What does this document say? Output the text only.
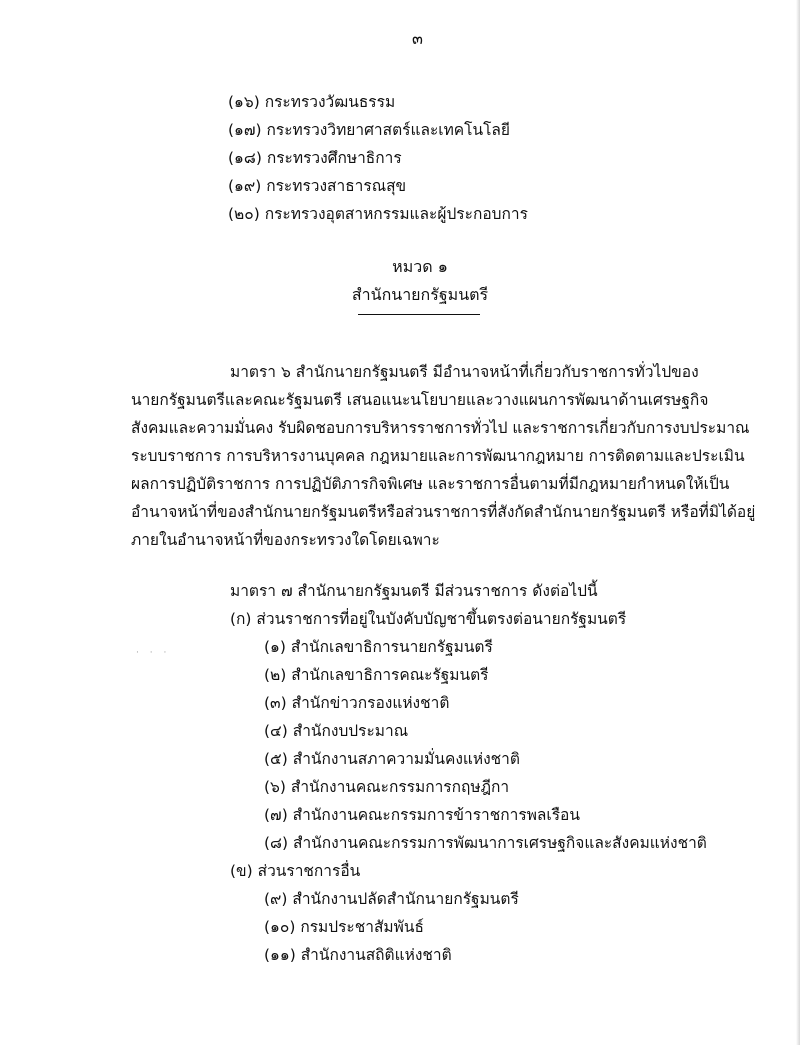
๓
(๑๖) กระทรวงวัฒนธรรม
(๑๗) กระทรวงวิทยาศาสตร์และเทคโนโลยี
(๑๘) กระทรวงศึกษาธิการ
(๑๙) กระทรวงสาธารณสุข
(๒๐) กระทรวงอุตสาหกรรมและผู้ประกอบการ
หมวด ๑
สำนักนายกรัฐมนตรี
มาตรา ๖ สำนักนายกรัฐมนตรี มีอำนาจหน้าที่เกี่ยวกับราชการทั่วไปของ
นายกรัฐมนตรีและคณะรัฐมนตรี เสนอแนะนโยบายและวางแผนการพัฒนาด้านเศรษฐกิจ
สังคมและความมั่นคง รับผิดชอบการบริหารราชการทั่วไป และราชการเกี่ยวกับการงบประมาณ
ระบบราชการ การบริหารงานบุคคล กฎหมายและการพัฒนากฎหมาย การติดตามและประเมิน
ผลการปฏิบัติราชการ การปฏิบัติภารกิจพิเศษ และราชการอื่นตามที่มีกฎหมายกำหนดให้เป็น
อำนาจหน้าที่ของสำนักนายกรัฐมนตรีหรือส่วนราชการที่สังกัดสำนักนายกรัฐมนตรี หรือที่มิได้อยู่
ภายในอำนาจหน้าที่ของกระทรวงใดโดยเฉพาะ
มาตรา ๗ สำนักนายกรัฐมนตรี มีส่วนราชการ ดังต่อไปนี้
(ก) ส่วนราชการที่อยู่ในบังคับบัญชาขึ้นตรงต่อนายกรัฐมนตรี
(๑) สำนักเลขาธิการนายกรัฐมนตรี
(๒) สำนักเลขาธิการคณะรัฐมนตรี
(๓) สำนักข่าวกรองแห่งชาติ
(๔) สำนักงบประมาณ
(๕) สำนักงานสภาความมั่นคงแห่งชาติ
(๖) สำนักงานคณะกรรมการกฤษฎีกา
(๗) สำนักงานคณะกรรมการข้าราชการพลเรือน
(๘) สำนักงานคณะกรรมการพัฒนาการเศรษฐกิจและสังคมแห่งชาติ
(ข) ส่วนราชการอื่น
(๙) สำนักงานปลัดสำนักนายกรัฐมนตรี
(๑๐) กรมประชาสัมพันธ์
(๑๑) สำนักงานสถิติแห่งชาติ
· · ·
